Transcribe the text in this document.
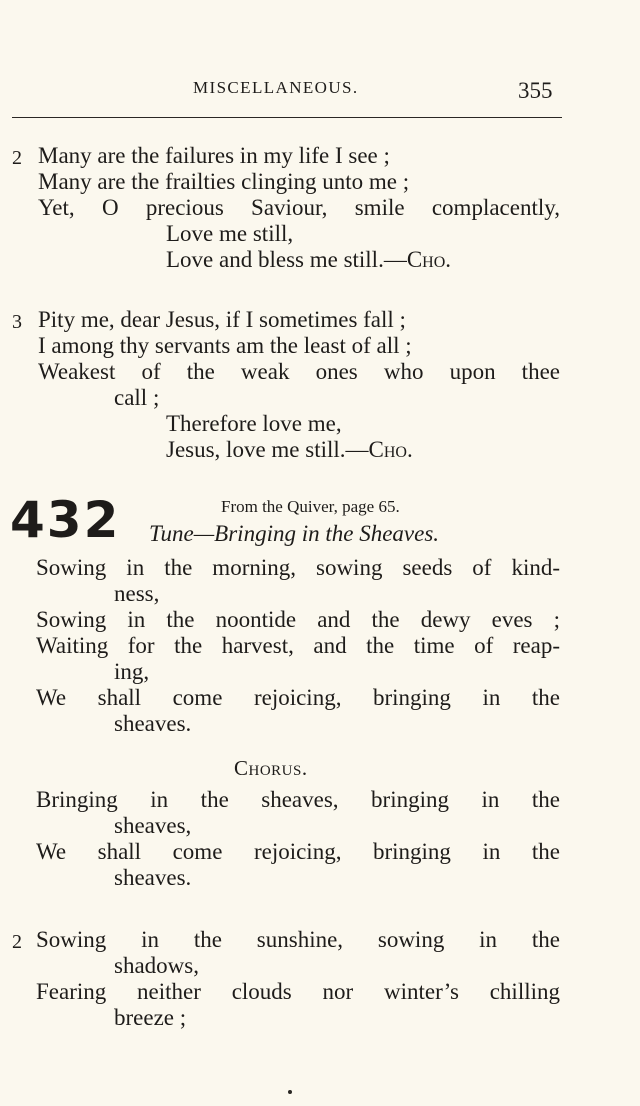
MISCELLANEOUS.	355
2 Many are the failures in my life I see ;
Many are the frailties clinging unto me ;
Yet, O precious Saviour, smile complacently,
Love me still,
Love and bless me still.—Cho.
3 Pity me, dear Jesus, if I sometimes fall ;
I among thy servants am the least of all ;
Weakest of the weak ones who upon thee
call ;
Therefore love me,
Jesus, love me still.—Cho.
432	From the Quiver, page 65.
Tune—Bringing in the Sheaves.
Sowing in the morning, sowing seeds of kind-
ness,
Sowing in the noontide and the dewy eves ;
Waiting for the harvest, and the time of reap-
ing,
We shall come rejoicing, bringing in the
sheaves.
Chorus.
Bringing in the sheaves, bringing in the
sheaves,
We shall come rejoicing, bringing in the
sheaves.
2 Sowing in the sunshine, sowing in the
shadows,
Fearing neither clouds nor winter’s chilling
breeze ;
